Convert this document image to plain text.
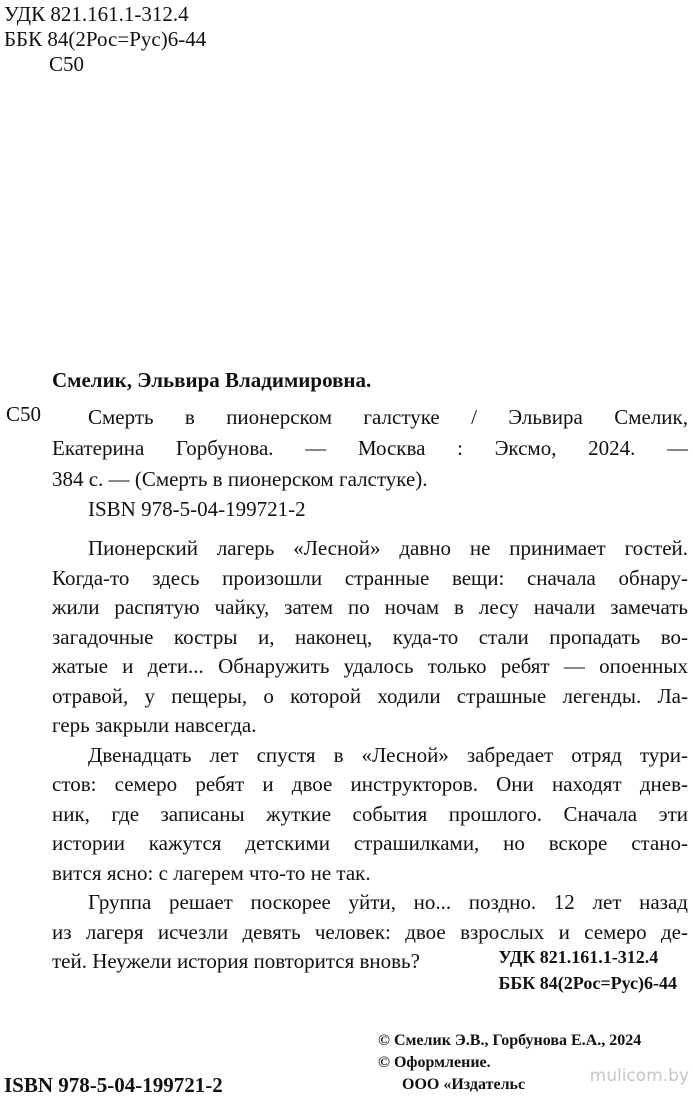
УДК 821.161.1-312.4
ББК 84(2Рос=Рус)6-44
С50
Смелик, Эльвира Владимировна.
С50 Смерть в пионерском галстуке / Эльвира Смелик,
Екатерина Горбунова. — Москва : Эксмо, 2024. —
384 с. — (Смерть в пионерском галстуке).
ISBN 978-5-04-199721-2
Пионерский лагерь «Лесной» давно не принимает гостей.
Когда-то здесь произошли странные вещи: сначала обнару-
жили распятую чайку, затем по ночам в лесу начали замечать
загадочные костры и, наконец, куда-то стали пропадать во-
жатые и дети... Обнаружить удалось только ребят — опоенных
отравой, у пещеры, о которой ходили страшные легенды. Ла-
герь закрыли навсегда.
Двенадцать лет спустя в «Лесной» забредает отряд тури-
стов: семеро ребят и двое инструкторов. Они находят днев-
ник, где записаны жуткие события прошлого. Сначала эти
истории кажутся детскими страшилками, но вскоре стано-
вится ясно: с лагерем что-то не так.
Группа решает поскорее уйти, но... поздно. 12 лет назад
из лагеря исчезли девять человек: двое взрослых и семеро де-
тей. Неужели история повторится вновь?	УДК 821.161.1-312.4
ББК 84(2Рос=Рус)6-44
© Смелик Э.В., Горбунова Е.А., 2024
© Оформление.
ООО «Издательс
ISBN 978-5-04-199721-2	mulicom.by
